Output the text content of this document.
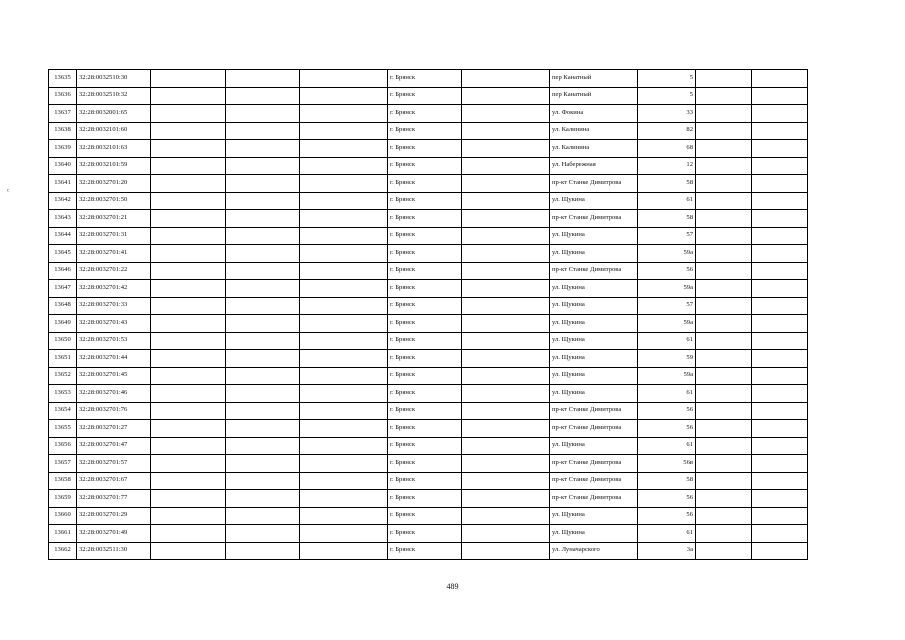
ᶜ
13635	32:28:0032510:30				г. Брянск		пер Канатный	5		
13636	32:28:0032510:32				г. Брянск		пер Канатный	5		
13637	32:28:0032001:65				г. Брянск		ул. Фокина	33		
13638	32:28:0032101:60				г. Брянск		ул. Калинина	82		
13639	32:28:0032101:63				г. Брянск		ул. Калинина	68		
13640	32:28:0032101:59				г. Брянск		ул. Набережная	12		
13641	32:28:0032701:20				г. Брянск		пр-кт Станке Димитрова	58		
13642	32:28:0032701:50				г. Брянск		ул. Щукина	61		
13643	32:28:0032701:21				г. Брянск		пр-кт Станке Димитрова	58		
13644	32:28:0032701:31				г. Брянск		ул. Щукина	57		
13645	32:28:0032701:41				г. Брянск		ул. Щукина	59а		
13646	32:28:0032701:22				г. Брянск		пр-кт Станке Димитрова	56		
13647	32:28:0032701:42				г. Брянск		ул. Щукина	59а		
13648	32:28:0032701:33				г. Брянск		ул. Щукина	57		
13649	32:28:0032701:43				г. Брянск		ул. Щукина	59а		
13650	32:28:0032701:53				г. Брянск		ул. Щукина	61		
13651	32:28:0032701:44				г. Брянск		ул. Щукина	59		
13652	32:28:0032701:45				г. Брянск		ул. Щукина	59а		
13653	32:28:0032701:46				г. Брянск		ул. Щукина	61		
13654	32:28:0032701:76				г. Брянск		пр-кт Станке Димитрова	56		
13655	32:28:0032701:27				г. Брянск		пр-кт Станке Димитрова	56		
13656	32:28:0032701:47				г. Брянск		ул. Щукина	61		
13657	32:28:0032701:57				г. Брянск		пр-кт Станке Димитрова	56в		
13658	32:28:0032701:67				г. Брянск		пр-кт Станке Димитрова	58		
13659	32:28:0032701:77				г. Брянск		пр-кт Станке Димитрова	56		
13660	32:28:0032701:29				г. Брянск		ул. Щукина	56		
13661	32:28:0032701:49				г. Брянск		ул. Щукина	61		
13662	32:28:0032511:30				г. Брянск		ул. Луначарского	3а		
489
